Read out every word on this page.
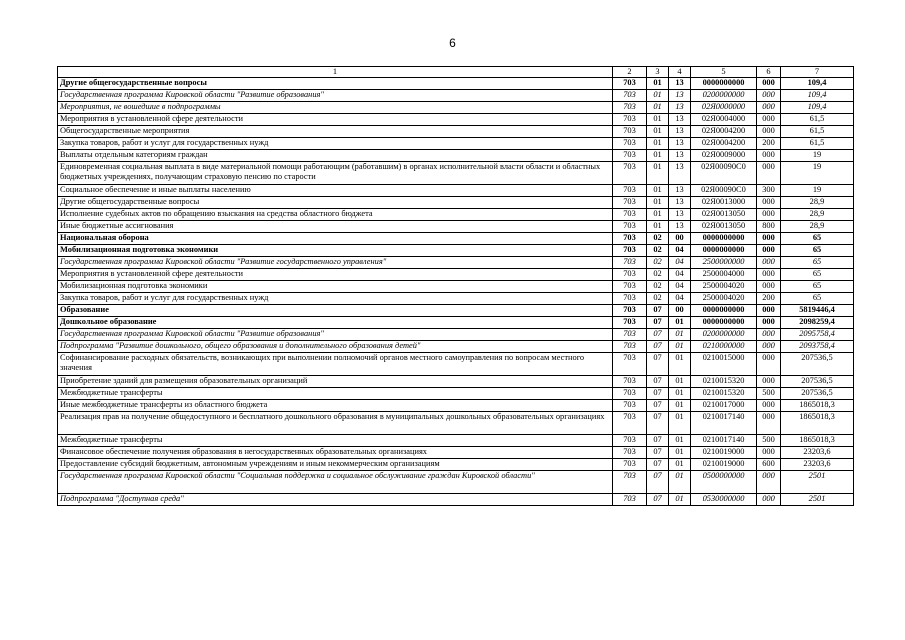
6
1	2	3	4	5	6	7
Другие общегосударственные вопросы	703	01	13	0000000000	000	109,4
Государственная программа Кировской области "Развитие образования"	703	01	13	0200000000	000	109,4
Мероприятия, не вошедшие в подпрограммы	703	01	13	02Я0000000	000	109,4
Мероприятия в установленной сфере деятельности	703	01	13	02Я0004000	000	61,5
Общегосударственные мероприятия	703	01	13	02Я0004200	000	61,5
Закупка товаров, работ и услуг для государственных нужд	703	01	13	02Я0004200	200	61,5
Выплаты отдельным категориям граждан	703	01	13	02Я0009000	000	19
Единовременная социальная выплата в виде материальной помощи работающим (работавшим) в органах исполнительной власти области и областных бюджетных учреждениях, получающим страховую пенсию по старости	703	01	13	02Я00090С0	000	19
Социальное обеспечение и иные выплаты населению	703	01	13	02Я00090С0	300	19
Другие общегосударственные вопросы	703	01	13	02Я0013000	000	28,9
Исполнение судебных актов по обращению взыскания на средства областного бюджета	703	01	13	02Я0013050	000	28,9
Иные бюджетные ассигнования	703	01	13	02Я0013050	800	28,9
Национальная оборона	703	02	00	0000000000	000	65
Мобилизационная подготовка экономики	703	02	04	0000000000	000	65
Государственная программа Кировской области "Развитие государственного управления"	703	02	04	2500000000	000	65
Мероприятия в установленной сфере деятельности	703	02	04	2500004000	000	65
Мобилизационная подготовка экономики	703	02	04	2500004020	000	65
Закупка товаров, работ и услуг для государственных нужд	703	02	04	2500004020	200	65
Образование	703	07	00	0000000000	000	5819446,4
Дошкольное образование	703	07	01	0000000000	000	2098259,4
Государственная программа Кировской области "Развитие образования"	703	07	01	0200000000	000	2095758,4
Подпрограмма "Развитие дошкольного, общего образования и дополнительного образования детей"	703	07	01	0210000000	000	2093758,4
Софинансирование расходных обязательств, возникающих при выполнении полномочий органов местного самоуправления по вопросам местного значения	703	07	01	0210015000	000	207536,5
Приобретение зданий для размещения образовательных организаций	703	07	01	0210015320	000	207536,5
Межбюджетные трансферты	703	07	01	0210015320	500	207536,5
Иные межбюджетные трансферты из областного бюджета	703	07	01	0210017000	000	1865018,3
Реализация прав на получение общедоступного и бесплатного дошкольного образования в муниципальных дошкольных образовательных организациях	703	07	01	0210017140	000	1865018,3
Межбюджетные трансферты	703	07	01	0210017140	500	1865018,3
Финансовое обеспечение получения образования в негосударственных образовательных организациях	703	07	01	0210019000	000	23203,6
Предоставление субсидий бюджетным, автономным учреждениям и иным некоммерческим организациям	703	07	01	0210019000	600	23203,6
Государственная программа Кировской области "Социальная поддержка и социальное обслуживание граждан Кировской области"	703	07	01	0500000000	000	2501
Подпрограмма "Доступная среда"	703	07	01	0530000000	000	2501
